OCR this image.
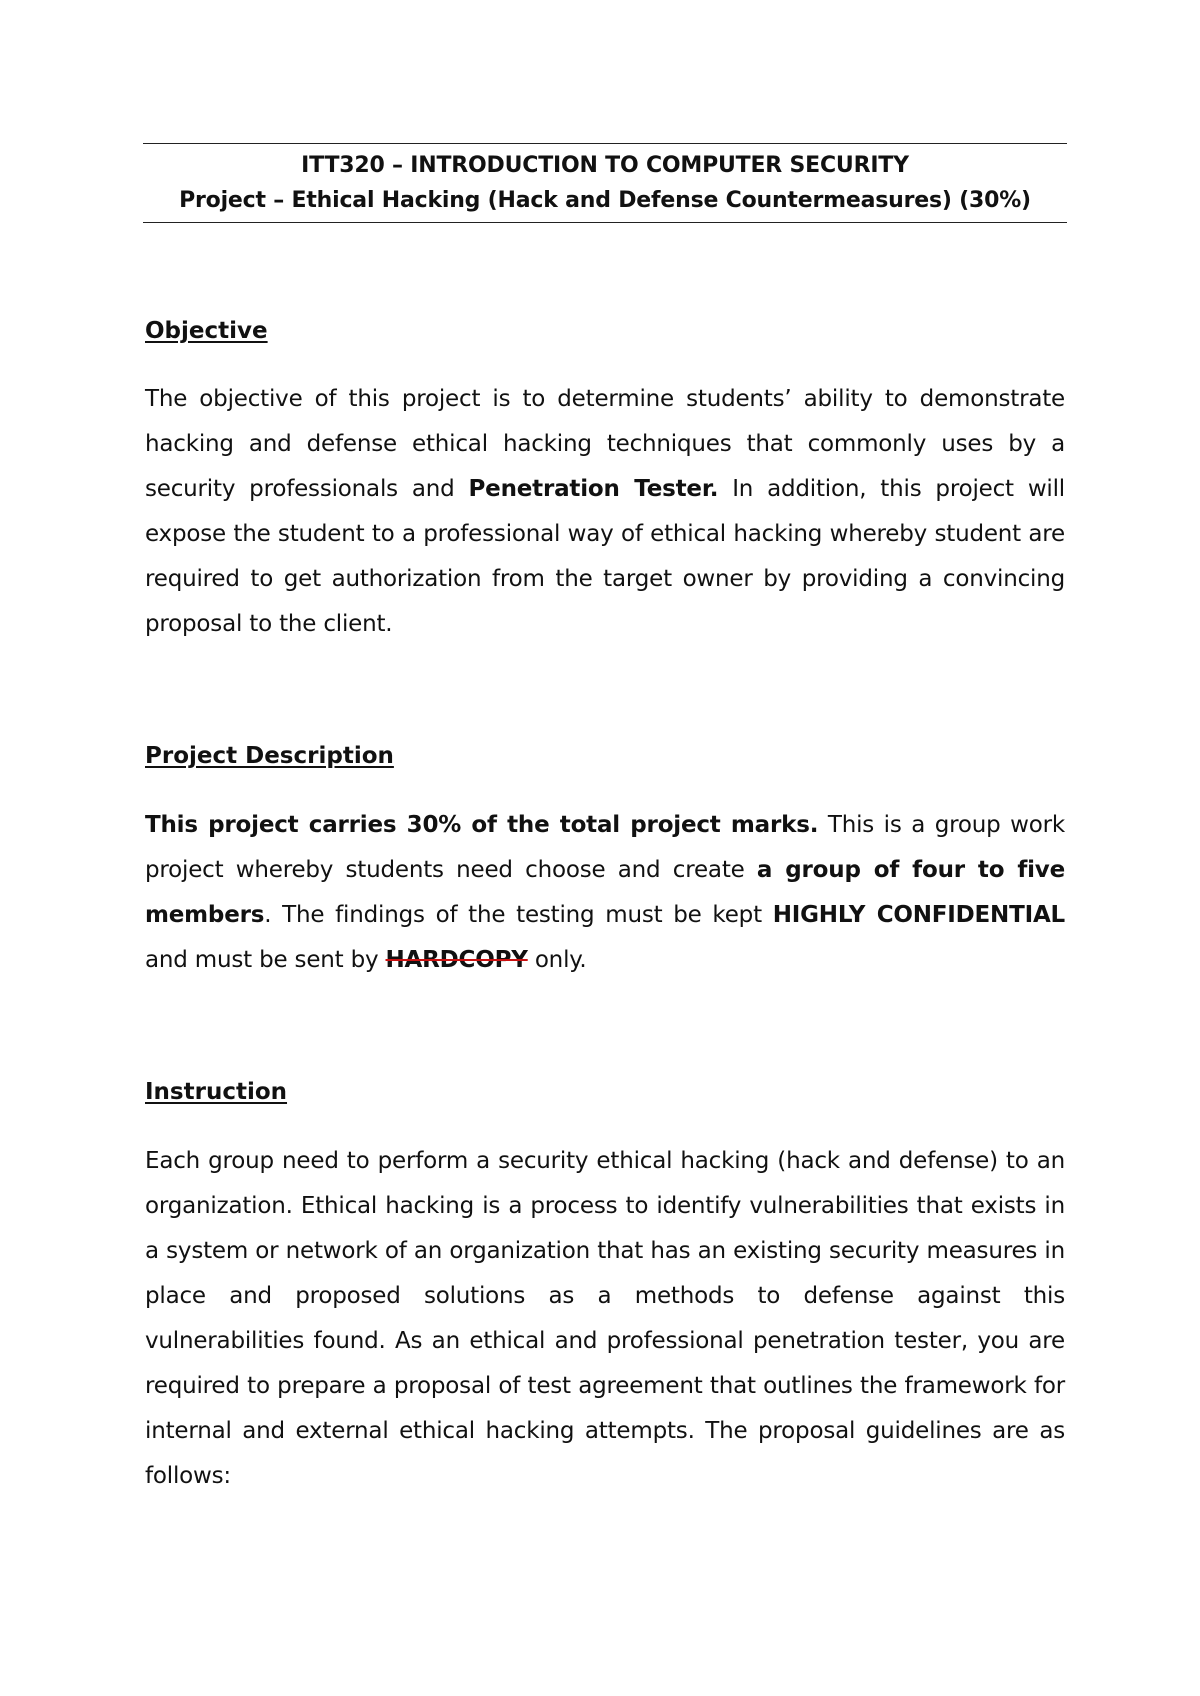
ITT320 – INTRODUCTION TO COMPUTER SECURITY
Project – Ethical Hacking (Hack and Defense Countermeasures) (30%)
Objective
The objective of this project is to determine students’ ability to demonstrate hacking and defense ethical hacking techniques that commonly uses by a security professionals and Penetration Tester. In addition, this project will expose the student to a professional way of ethical hacking whereby student are required to get authorization from the target owner by providing a convincing proposal to the client.
Project Description
This project carries 30% of the total project marks. This is a group work project whereby students need choose and create a group of four to five members. The findings of the testing must be kept HIGHLY CONFIDENTIAL and must be sent by HARDCOPY only.
Instruction
Each group need to perform a security ethical hacking (hack and defense) to an organization. Ethical hacking is a process to identify vulnerabilities that exists in a system or network of an organization that has an existing security measures in place and proposed solutions as a methods to defense against this vulnerabilities found. As an ethical and professional penetration tester, you are required to prepare a proposal of test agreement that outlines the framework for internal and external ethical hacking attempts. The proposal guidelines are as follows:
